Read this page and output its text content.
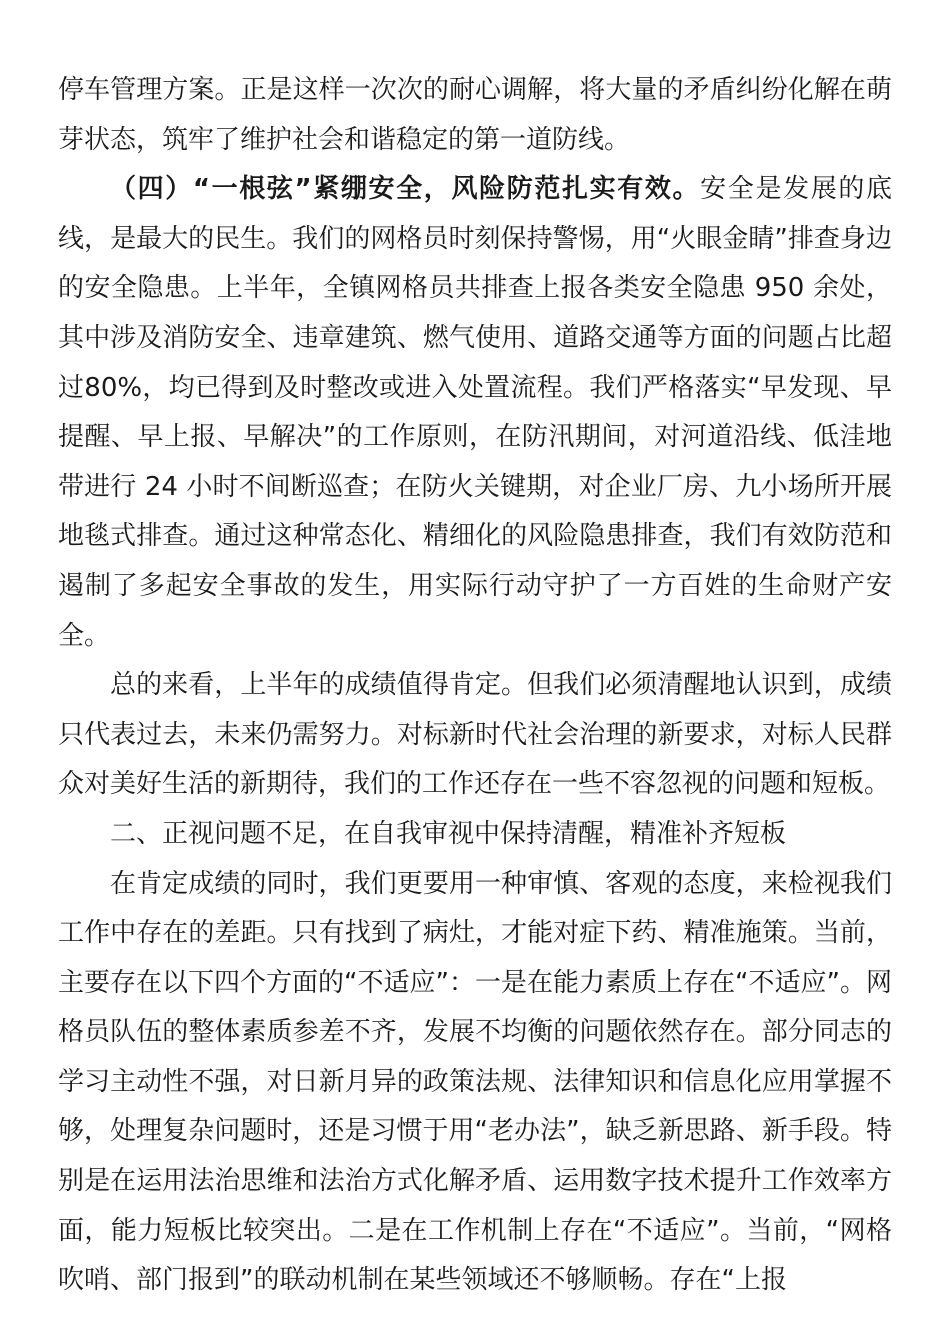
停车管理方案。正是这样一次次的耐心调解，将大量的矛盾纠纷化解在萌芽状态，筑牢了维护社会和谐稳定的第一道防线。

（四）“一根弦”紧绷安全，风险防范扎实有效。安全是发展的底线，是最大的民生。我们的网格员时刻保持警惕，用“火眼金睛”排查身边的安全隐患。上半年，全镇网格员共排查上报各类安全隐患 950 余处，其中涉及消防安全、违章建筑、燃气使用、道路交通等方面的问题占比超过80%，均已得到及时整改或进入处置流程。我们严格落实“早发现、早提醒、早上报、早解决”的工作原则，在防汛期间，对河道沿线、低洼地带进行 24 小时不间断巡查；在防火关键期，对企业厂房、九小场所开展地毯式排查。通过这种常态化、精细化的风险隐患排查，我们有效防范和遏制了多起安全事故的发生，用实际行动守护了一方百姓的生命财产安全。

总的来看，上半年的成绩值得肯定。但我们必须清醒地认识到，成绩只代表过去，未来仍需努力。对标新时代社会治理的新要求，对标人民群众对美好生活的新期待，我们的工作还存在一些不容忽视的问题和短板。

二、正视问题不足，在自我审视中保持清醒，精准补齐短板

在肯定成绩的同时，我们更要用一种审慎、客观的态度，来检视我们工作中存在的差距。只有找到了病灶，才能对症下药、精准施策。当前，主要存在以下四个方面的“不适应”：一是在能力素质上存在“不适应”。网格员队伍的整体素质参差不齐，发展不均衡的问题依然存在。部分同志的学习主动性不强，对日新月异的政策法规、法律知识和信息化应用掌握不够，处理复杂问题时，还是习惯于用“老办法”，缺乏新思路、新手段。特别是在运用法治思维和法治方式化解矛盾、运用数字技术提升工作效率方面，能力短板比较突出。二是在工作机制上存在“不适应”。当前，“网格吹哨、部门报到”的联动机制在某些领域还不够顺畅。存在“上报
